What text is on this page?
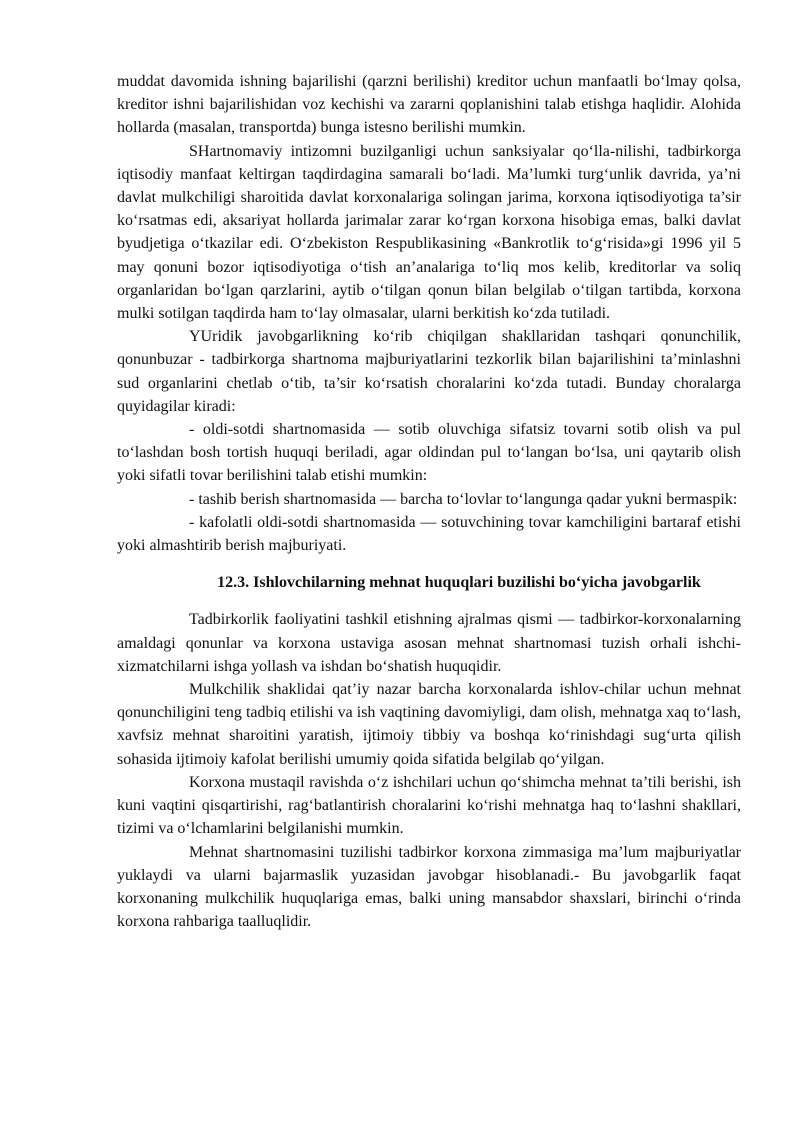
muddat davomida ishning bajarilishi (qarzni berilishi) kreditor uchun manfaatli bo‘lmay qolsa, kreditor ishni bajarilishidan voz kechishi va zararni qoplanishini talab etishga haqlidir. Alohida hollarda (masalan, transportda) bunga istesno berilishi mumkin.

SHartnomaviy intizomni buzilganligi uchun sanksiyalar qo‘lla-nilishi, tadbirkorga iqtisodiy manfaat keltirgan taqdirdagina samarali bo‘ladi. Ma’lumki turg‘unlik davrida, ya’ni davlat mulkchiligi sharoitida davlat korxonalariga solingan jarima, korxona iqtisodiyotiga ta’sir ko‘rsatmas edi, aksariyat hollarda jarimalar zarar ko‘rgan korxona hisobiga emas, balki davlat byudjetiga o‘tkazilar edi. O‘zbekiston Respublikasining «Bankrotlik to‘g‘risida»gi 1996 yil 5 may qonuni bozor iqtisodiyotiga o‘tish an’analariga to‘liq mos kelib, kreditorlar va soliq organlaridan bo‘lgan qarzlarini, aytib o‘tilgan qonun bilan belgilab o‘tilgan tartibda, korxona mulki sotilgan taqdirda ham to‘lay olmasalar, ularni berkitish ko‘zda tutiladi.

YUridik javobgarlikning ko‘rib chiqilgan shakllaridan tashqari qonunchilik, qonunbuzar - tadbirkorga shartnoma majburiyatlarini tezkorlik bilan bajarilishini ta’minlashni sud organlarini chetlab o‘tib, ta’sir ko‘rsatish choralarini ko‘zda tutadi. Bunday choralarga quyidagilar kiradi:

- oldi-sotdi shartnomasida — sotib oluvchiga sifatsiz tovarni sotib olish va pul to‘lashdan bosh tortish huquqi beriladi, agar oldindan pul to‘langan bo‘lsa, uni qaytarib olish yoki sifatli tovar berilishini talab etishi mumkin:

- tashib berish shartnomasida — barcha to‘lovlar to‘langunga qadar yukni bermaspik:

- kafolatli oldi-sotdi shartnomasida — sotuvchining tovar kamchiligini bartaraf etishi yoki almashtirib berish majburiyati.

12.3. Ishlovchilarning mehnat huquqlari buzilishi bo‘yicha javobgarlik

Tadbirkorlik faoliyatini tashkil etishning ajralmas qismi — tadbirkor-korxonalarning amaldagi qonunlar va korxona ustaviga asosan mehnat shartnomasi tuzish orhali ishchi-xizmatchilarni ishga yollash va ishdan bo‘shatish huquqidir.

Mulkchilik shaklidai qat’iy nazar barcha korxonalarda ishlov-chilar uchun mehnat qonunchiligini teng tadbiq etilishi va ish vaqtining davomiyligi, dam olish, mehnatga xaq to‘lash, xavfsiz mehnat sharoitini yaratish, ijtimoiy tibbiy va boshqa ko‘rinishdagi sug‘urta qilish sohasida ijtimoiy kafolat berilishi umumiy qoida sifatida belgilab qo‘yilgan.

Korxona mustaqil ravishda o‘z ishchilari uchun qo‘shimcha mehnat ta’tili berishi, ish kuni vaqtini qisqartirishi, rag‘batlantirish choralarini ko‘rishi mehnatga haq to‘lashni shakllari, tizimi va o‘lchamlarini belgilanishi mumkin.

Mehnat shartnomasini tuzilishi tadbirkor korxona zimmasiga ma’lum majburiyatlar yuklaydi va ularni bajarmaslik yuzasidan javobgar hisoblanadi.- Bu javobgarlik faqat korxonaning mulkchilik huquqlariga emas, balki uning mansabdor shaxslari, birinchi o‘rinda korxona rahbariga taalluqlidir.
